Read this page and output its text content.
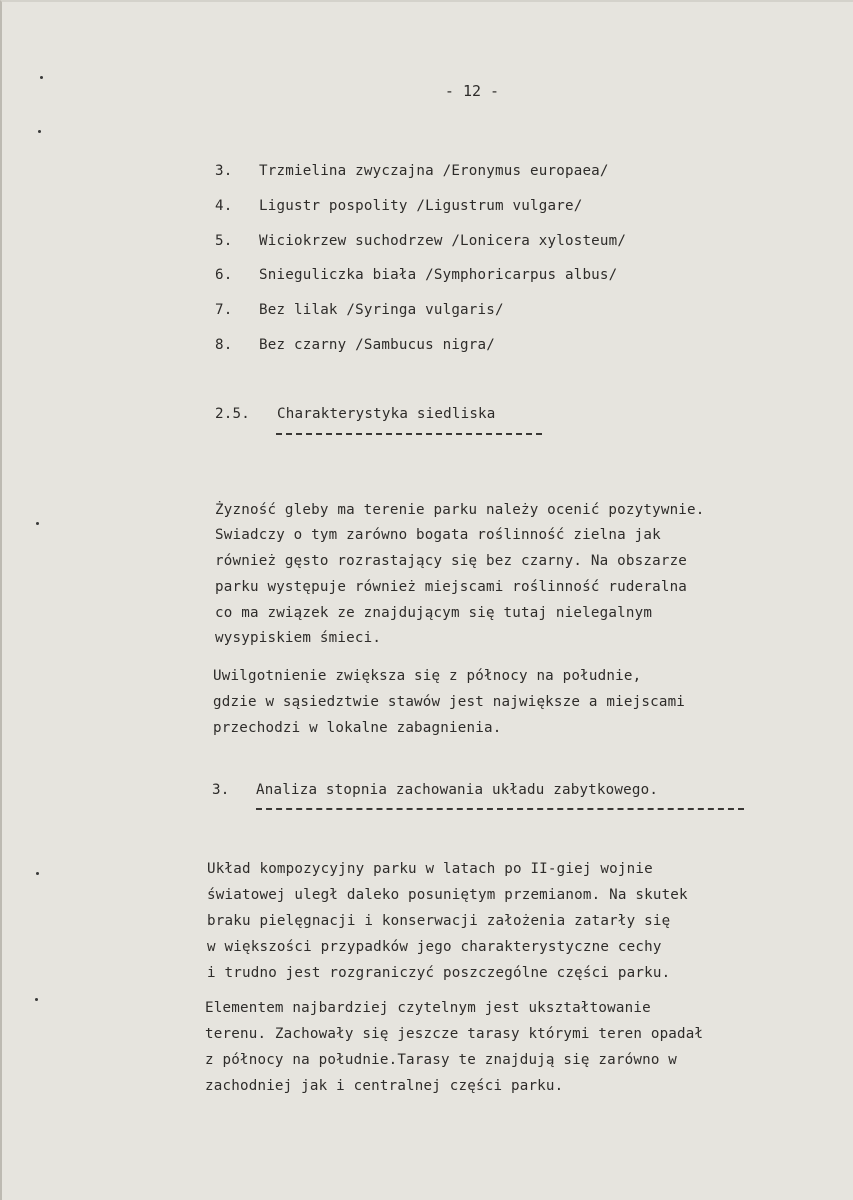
- 12 -
3. Trzmielina zwyczajna /Eronymus europaea/
4. Ligustr pospolity /Ligustrum vulgare/
5. Wiciokrzew suchodrzew /Lonicera xylosteum/
6. Snieguliczka biała /Symphoricarpus albus/
7. Bez lilak /Syringa vulgaris/
8. Bez czarny /Sambucus nigra/
2.5. Charakterystyka siedliska
Żyzność gleby ma terenie parku należy ocenić pozytywnie.
Swiadczy o tym zarówno bogata roślinność zielna jak
również gęsto rozrastający się bez czarny. Na obszarze
parku występuje również miejscami roślinność ruderalna
co ma związek ze znajdującym się tutaj nielegalnym
wysypiskiem śmieci.
Uwilgotnienie zwiększa się z północy na południe,
gdzie w sąsiedztwie stawów jest największe a miejscami
przechodzi w lokalne zabagnienia.
3. Analiza stopnia zachowania układu zabytkowego.
Układ kompozycyjny parku w latach po II-giej wojnie
światowej uległ daleko posuniętym przemianom. Na skutek
braku pielęgnacji i konserwacji założenia zatarły się
w większości przypadków jego charakterystyczne cechy
i trudno jest rozgraniczyć poszczególne części parku.
Elementem najbardziej czytelnym jest ukształtowanie
terenu. Zachowały się jeszcze tarasy którymi teren opadał
z północy na południe.Tarasy te znajdują się zarówno w
zachodniej jak i centralnej części parku.
